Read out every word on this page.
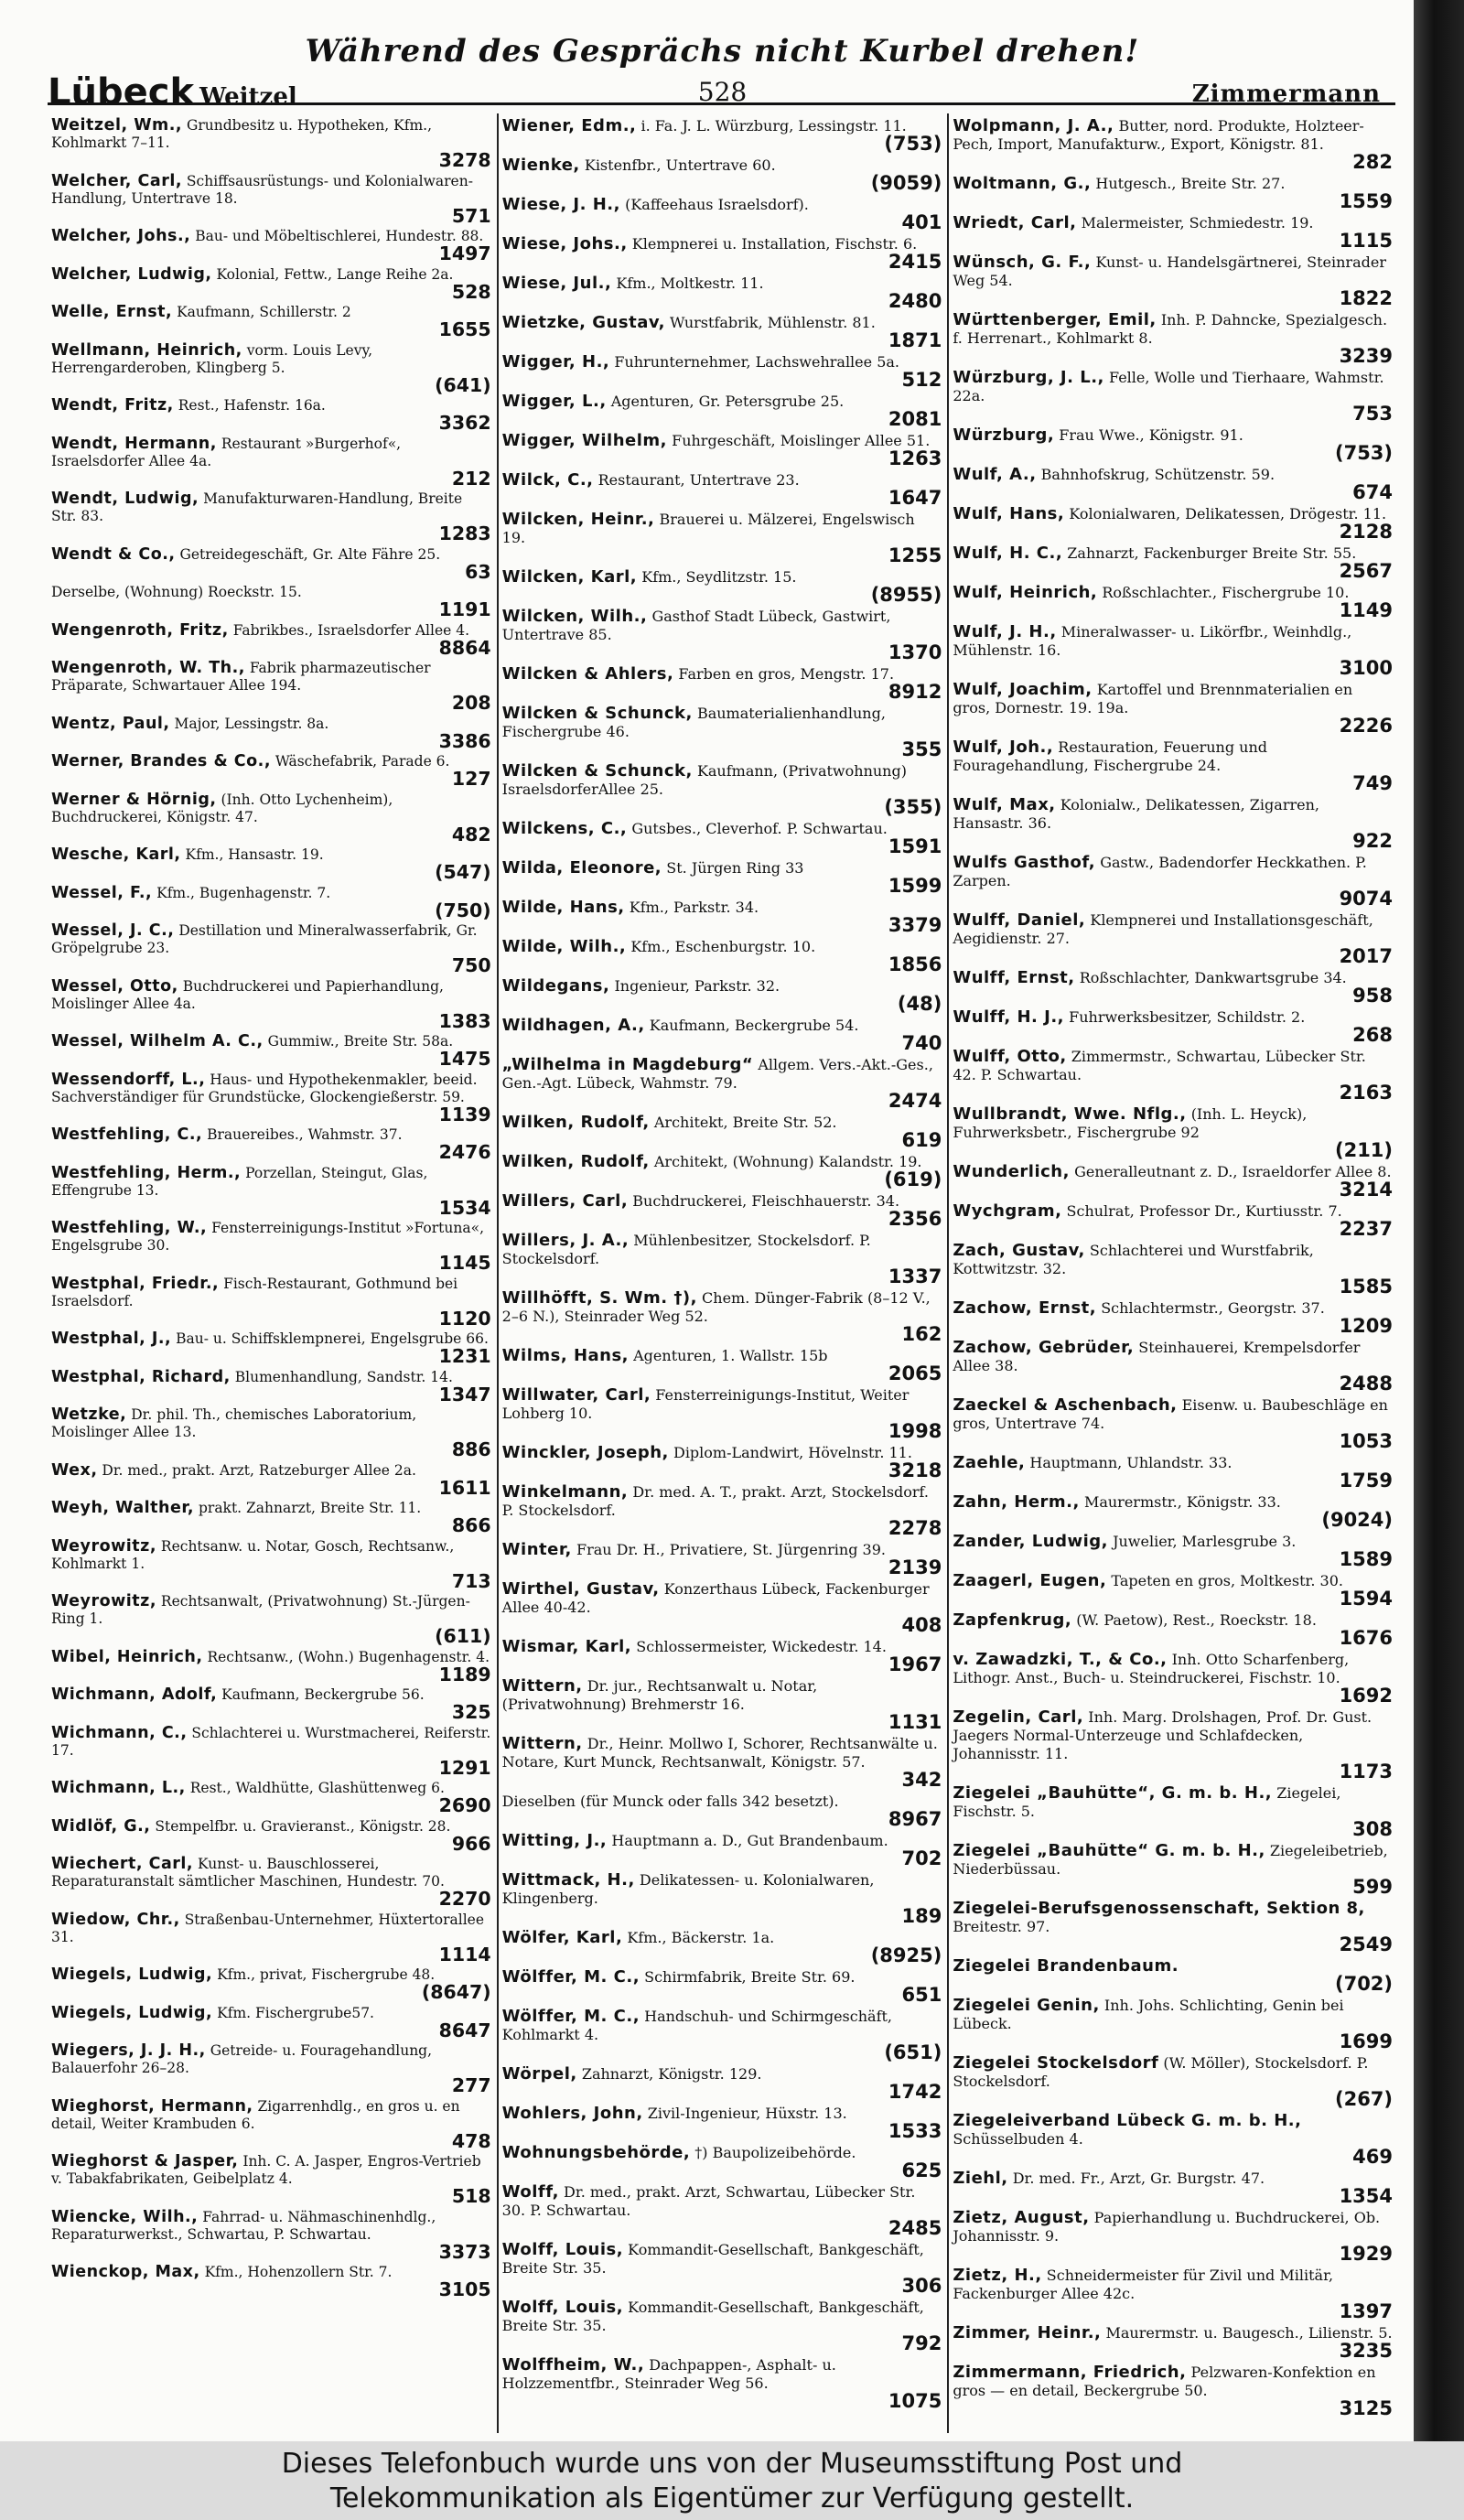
Während des Gesprächs nicht Kurbel drehen!
Lübeck Weitzel	528	Zimmermann
Weitzel, Wm., Grundbesitz u. Hypotheken, Kfm., Kohlmarkt 7–11.
3278
Welcher, Carl, Schiffsausrüstungs- und Kolonialwaren-Handlung, Untertrave 18.
571
Welcher, Johs., Bau- und Möbeltischlerei, Hundestr. 88.
1497
Welcher, Ludwig, Kolonial, Fettw., Lange Reihe 2a.
528
Welle, Ernst, Kaufmann, Schillerstr. 2
1655
Wellmann, Heinrich, vorm. Louis Levy, Herrengarderoben, Klingberg 5.
(641)
Wendt, Fritz, Rest., Hafenstr. 16a.
3362
Wendt, Hermann, Restaurant »Burgerhof«, Israelsdorfer Allee 4a.
212
Wendt, Ludwig, Manufakturwaren-Handlung, Breite Str. 83.
1283
Wendt & Co., Getreidegeschäft, Gr. Alte Fähre 25.
63
Derselbe, (Wohnung) Roeckstr. 15.
1191
Wengenroth, Fritz, Fabrikbes., Israelsdorfer Allee 4.
8864
Wengenroth, W. Th., Fabrik pharmazeutischer Präparate, Schwartauer Allee 194.
208
Wentz, Paul, Major, Lessingstr. 8a.
3386
Werner, Brandes & Co., Wäschefabrik, Parade 6.
127
Werner & Hörnig, (Inh. Otto Lychenheim), Buchdruckerei, Königstr. 47.
482
Wesche, Karl, Kfm., Hansastr. 19.
(547)
Wessel, F., Kfm., Bugenhagenstr. 7.
(750)
Wessel, J. C., Destillation und Mineralwasserfabrik, Gr. Gröpelgrube 23.
750
Wessel, Otto, Buchdruckerei und Papierhandlung, Moislinger Allee 4a.
1383
Wessel, Wilhelm A. C., Gummiw., Breite Str. 58a.
1475
Wessendorff, L., Haus- und Hypothekenmakler, beeid. Sachverständiger für Grundstücke, Glockengießerstr. 59.
1139
Westfehling, C., Brauereibes., Wahmstr. 37.
2476
Westfehling, Herm., Porzellan, Steingut, Glas, Effengrube 13.
1534
Westfehling, W., Fensterreinigungs-Institut »Fortuna«, Engelsgrube 30.
1145
Westphal, Friedr., Fisch-Restaurant, Gothmund bei Israelsdorf.
1120
Westphal, J., Bau- u. Schiffsklempnerei, Engelsgrube 66.
1231
Westphal, Richard, Blumenhandlung, Sandstr. 14.
1347
Wetzke, Dr. phil. Th., chemisches Laboratorium, Moislinger Allee 13.
886
Wex, Dr. med., prakt. Arzt, Ratzeburger Allee 2a.
1611
Weyh, Walther, prakt. Zahnarzt, Breite Str. 11.
866
Weyrowitz, Rechtsanw. u. Notar, Gosch, Rechtsanw., Kohlmarkt 1.
713
Weyrowitz, Rechtsanwalt, (Privatwohnung) St.-Jürgen-Ring 1.
(611)
Wibel, Heinrich, Rechtsanw., (Wohn.) Bugenhagenstr. 4.
1189
Wichmann, Adolf, Kaufmann, Beckergrube 56.
325
Wichmann, C., Schlachterei u. Wurstmacherei, Reiferstr. 17.
1291
Wichmann, L., Rest., Waldhütte, Glashüttenweg 6.
2690
Widlöf, G., Stempelfbr. u. Gravieranst., Königstr. 28.
966
Wiechert, Carl, Kunst- u. Bauschlosserei, Reparaturanstalt sämtlicher Maschinen, Hundestr. 70.
2270
Wiedow, Chr., Straßenbau-Unternehmer, Hüxtertorallee 31.
1114
Wiegels, Ludwig, Kfm., privat, Fischergrube 48.
(8647)
Wiegels, Ludwig, Kfm. Fischergrube57.
8647
Wiegers, J. J. H., Getreide- u. Fouragehandlung, Balauerfohr 26–28.
277
Wieghorst, Hermann, Zigarrenhdlg., en gros u. en detail, Weiter Krambuden 6.
478
Wieghorst & Jasper, Inh. C. A. Jasper, Engros-Vertrieb v. Tabakfabrikaten, Geibelplatz 4.
518
Wiencke, Wilh., Fahrrad- u. Nähmaschinenhdlg., Reparaturwerkst., Schwartau, P. Schwartau.
3373
Wienckop, Max, Kfm., Hohenzollern Str. 7.
3105
Wiener, Edm., i. Fa. J. L. Würzburg, Lessingstr. 11.
(753)
Wienke, Kistenfbr., Untertrave 60.
(9059)
Wiese, J. H., (Kaffeehaus Israelsdorf).
401
Wiese, Johs., Klempnerei u. Installation, Fischstr. 6.
2415
Wiese, Jul., Kfm., Moltkestr. 11.
2480
Wietzke, Gustav, Wurstfabrik, Mühlenstr. 81.
1871
Wigger, H., Fuhrunternehmer, Lachswehrallee 5a.
512
Wigger, L., Agenturen, Gr. Petersgrube 25.
2081
Wigger, Wilhelm, Fuhrgeschäft, Moislinger Allee 51.
1263
Wilck, C., Restaurant, Untertrave 23.
1647
Wilcken, Heinr., Brauerei u. Mälzerei, Engelswisch 19.
1255
Wilcken, Karl, Kfm., Seydlitzstr. 15.
(8955)
Wilcken, Wilh., Gasthof Stadt Lübeck, Gastwirt, Untertrave 85.
1370
Wilcken & Ahlers, Farben en gros, Mengstr. 17.
8912
Wilcken & Schunck, Baumaterialienhandlung, Fischergrube 46.
355
Wilcken & Schunck, Kaufmann, (Privatwohnung) IsraelsdorferAllee 25.
(355)
Wilckens, C., Gutsbes., Cleverhof. P. Schwartau.
1591
Wilda, Eleonore, St. Jürgen Ring 33
1599
Wilde, Hans, Kfm., Parkstr. 34.
3379
Wilde, Wilh., Kfm., Eschenburgstr. 10.
1856
Wildegans, Ingenieur, Parkstr. 32.
(48)
Wildhagen, A., Kaufmann, Beckergrube 54.
740
„Wilhelma in Magdeburg“ Allgem. Vers.-Akt.-Ges., Gen.-Agt. Lübeck, Wahmstr. 79.
2474
Wilken, Rudolf, Architekt, Breite Str. 52.
619
Wilken, Rudolf, Architekt, (Wohnung) Kalandstr. 19.
(619)
Willers, Carl, Buchdruckerei, Fleischhauerstr. 34.
2356
Willers, J. A., Mühlenbesitzer, Stockelsdorf. P. Stockelsdorf.
1337
Willhöfft, S. Wm. †), Chem. Dünger-Fabrik (8–12 V., 2–6 N.), Steinrader Weg 52.
162
Wilms, Hans, Agenturen, 1. Wallstr. 15b
2065
Willwater, Carl, Fensterreinigungs-Institut, Weiter Lohberg 10.
1998
Winckler, Joseph, Diplom-Landwirt, Hövelnstr. 11.
3218
Winkelmann, Dr. med. A. T., prakt. Arzt, Stockelsdorf. P. Stockelsdorf.
2278
Winter, Frau Dr. H., Privatiere, St. Jürgenring 39.
2139
Wirthel, Gustav, Konzerthaus Lübeck, Fackenburger Allee 40-42.
408
Wismar, Karl, Schlossermeister, Wickedestr. 14.
1967
Wittern, Dr. jur., Rechtsanwalt u. Notar, (Privatwohnung) Brehmerstr 16.
1131
Wittern, Dr., Heinr. Mollwo I, Schorer, Rechtsanwälte u. Notare, Kurt Munck, Rechtsanwalt, Königstr. 57.
342
Dieselben (für Munck oder falls 342 besetzt).
8967
Witting, J., Hauptmann a. D., Gut Brandenbaum.
702
Wittmack, H., Delikatessen- u. Kolonialwaren, Klingenberg.
189
Wölfer, Karl, Kfm., Bäckerstr. 1a.
(8925)
Wölffer, M. C., Schirmfabrik, Breite Str. 69.
651
Wölffer, M. C., Handschuh- und Schirmgeschäft, Kohlmarkt 4.
(651)
Wörpel, Zahnarzt, Königstr. 129.
1742
Wohlers, John, Zivil-Ingenieur, Hüxstr. 13.
1533
Wohnungsbehörde, †) Baupolizeibehörde.
625
Wolff, Dr. med., prakt. Arzt, Schwartau, Lübecker Str. 30. P. Schwartau.
2485
Wolff, Louis, Kommandit-Gesellschaft, Bankgeschäft, Breite Str. 35.
306
Wolff, Louis, Kommandit-Gesellschaft, Bankgeschäft, Breite Str. 35.
792
Wolffheim, W., Dachpappen-, Asphalt- u. Holzzementfbr., Steinrader Weg 56.
1075
Wolpmann, J. A., Butter, nord. Produkte, Holzteer-Pech, Import, Manufakturw., Export, Königstr. 81.
282
Woltmann, G., Hutgesch., Breite Str. 27.
1559
Wriedt, Carl, Malermeister, Schmiedestr. 19.
1115
Wünsch, G. F., Kunst- u. Handelsgärtnerei, Steinrader Weg 54.
1822
Württenberger, Emil, Inh. P. Dahncke, Spezialgesch. f. Herrenart., Kohlmarkt 8.
3239
Würzburg, J. L., Felle, Wolle und Tierhaare, Wahmstr. 22a.
753
Würzburg, Frau Wwe., Königstr. 91.
(753)
Wulf, A., Bahnhofskrug, Schützenstr. 59.
674
Wulf, Hans, Kolonialwaren, Delikatessen, Drögestr. 11.
2128
Wulf, H. C., Zahnarzt, Fackenburger Breite Str. 55.
2567
Wulf, Heinrich, Roßschlachter., Fischergrube 10.
1149
Wulf, J. H., Mineralwasser- u. Likörfbr., Weinhdlg., Mühlenstr. 16.
3100
Wulf, Joachim, Kartoffel und Brennmaterialien en gros, Dornestr. 19. 19a.
2226
Wulf, Joh., Restauration, Feuerung und Fouragehandlung, Fischergrube 24.
749
Wulf, Max, Kolonialw., Delikatessen, Zigarren, Hansastr. 36.
922
Wulfs Gasthof, Gastw., Badendorfer Heckkathen. P. Zarpen.
9074
Wulff, Daniel, Klempnerei und Installationsgeschäft, Aegidienstr. 27.
2017
Wulff, Ernst, Roßschlachter, Dankwartsgrube 34.
958
Wulff, H. J., Fuhrwerksbesitzer, Schildstr. 2.
268
Wulff, Otto, Zimmermstr., Schwartau, Lübecker Str. 42. P. Schwartau.
2163
Wullbrandt, Wwe. Nflg., (Inh. L. Heyck), Fuhrwerksbetr., Fischergrube 92
(211)
Wunderlich, Generalleutnant z. D., Israeldorfer Allee 8.
3214
Wychgram, Schulrat, Professor Dr., Kurtiusstr. 7.
2237
Zach, Gustav, Schlachterei und Wurstfabrik, Kottwitzstr. 32.
1585
Zachow, Ernst, Schlachtermstr., Georgstr. 37.
1209
Zachow, Gebrüder, Steinhauerei, Krempelsdorfer Allee 38.
2488
Zaeckel & Aschenbach, Eisenw. u. Baubeschläge en gros, Untertrave 74.
1053
Zaehle, Hauptmann, Uhlandstr. 33.
1759
Zahn, Herm., Maurermstr., Königstr. 33.
(9024)
Zander, Ludwig, Juwelier, Marlesgrube 3.
1589
Zaagerl, Eugen, Tapeten en gros, Moltkestr. 30.
1594
Zapfenkrug, (W. Paetow), Rest., Roeckstr. 18.
1676
v. Zawadzki, T., & Co., Inh. Otto Scharfenberg, Lithogr. Anst., Buch- u. Steindruckerei, Fischstr. 10.
1692
Zegelin, Carl, Inh. Marg. Drolshagen, Prof. Dr. Gust. Jaegers Normal-Unterzeuge und Schlafdecken, Johannisstr. 11.
1173
Ziegelei „Bauhütte“, G. m. b. H., Ziegelei, Fischstr. 5.
308
Ziegelei „Bauhütte“ G. m. b. H., Ziegeleibetrieb, Niederbüssau.
599
Ziegelei-Berufsgenossenschaft, Sektion 8, Breitestr. 97.
2549
Ziegelei Brandenbaum.
(702)
Ziegelei Genin, Inh. Johs. Schlichting, Genin bei Lübeck.
1699
Ziegelei Stockelsdorf (W. Möller), Stockelsdorf. P. Stockelsdorf.
(267)
Ziegeleiverband Lübeck G. m. b. H., Schüsselbuden 4.
469
Ziehl, Dr. med. Fr., Arzt, Gr. Burgstr. 47.
1354
Zietz, August, Papierhandlung u. Buchdruckerei, Ob. Johannisstr. 9.
1929
Zietz, H., Schneidermeister für Zivil und Militär, Fackenburger Allee 42c.
1397
Zimmer, Heinr., Maurermstr. u. Baugesch., Lilienstr. 5.
3235
Zimmermann, Friedrich, Pelzwaren-Konfektion en gros — en detail, Beckergrube 50.
3125
Dieses Telefonbuch wurde uns von der Museumsstiftung Post und
Telekommunikation als Eigentümer zur Verfügung gestellt.
